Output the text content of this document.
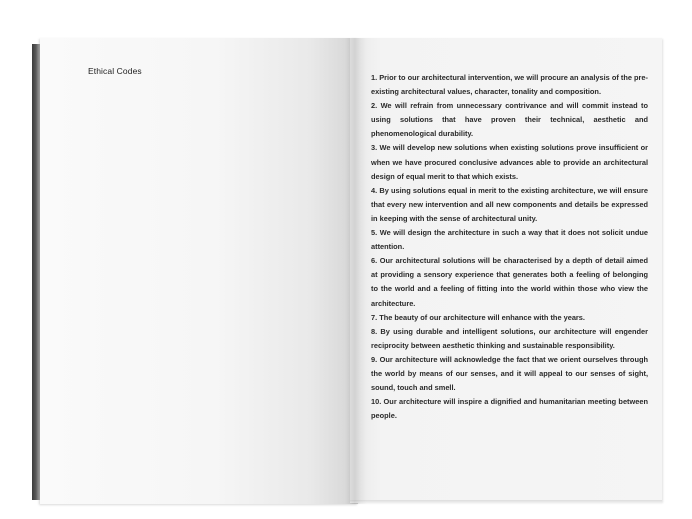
Ethical Codes
1. Prior to our architectural intervention, we will procure an analysis of the pre-existing architectural values, character, tonality and composition.
2. We will refrain from unnecessary contrivance and will commit instead to using solutions that have proven their technical, aesthetic and phenomenological durability.
3. We will develop new solutions when existing solutions prove insufficient or when we have procured conclusive advances able to provide an architectural design of equal merit to that which exists.
4. By using solutions equal in merit to the existing architecture, we will ensure that every new intervention and all new components and details be expressed in keeping with the sense of architectural unity.
5. We will design the architecture in such a way that it does not solicit undue attention.
6. Our architectural solutions will be characterised by a depth of detail aimed at providing a sensory experience that generates both a feeling of belonging to the world and a feeling of fitting into the world within those who view the architecture.
7. The beauty of our architecture will enhance with the years.
8. By using durable and intelligent solutions, our architecture will engender reciprocity between aesthetic thinking and sustainable responsibility.
9. Our architecture will acknowledge the fact that we orient ourselves through the world by means of our senses, and it will appeal to our senses of sight, sound, touch and smell.
10. Our architecture will inspire a dignified and humanitarian meeting between people.
